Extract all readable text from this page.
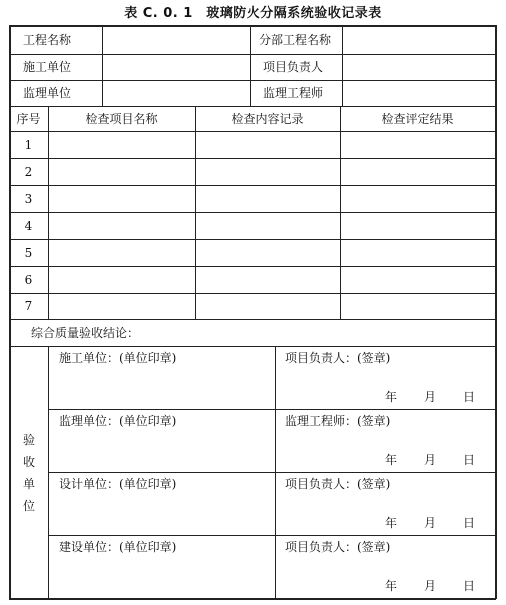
表 C. 0. 1　玻璃防火分隔系统验收记录表
工程名称	分部工程名称
施工单位	项目负责人
监理单位	监理工程师
序号	检查项目名称	检查内容记录	检查评定结果
1
2
3
4
5
6
7
综合质量验收结论：
验
收
单
位
施工单位：(单位印章)	项目负责人：(签章)
年 月 日
监理单位：(单位印章)	监理工程师：(签章)
年 月 日
设计单位：(单位印章)	项目负责人：(签章)
年 月 日
建设单位：(单位印章)	项目负责人：(签章)
年 月 日
